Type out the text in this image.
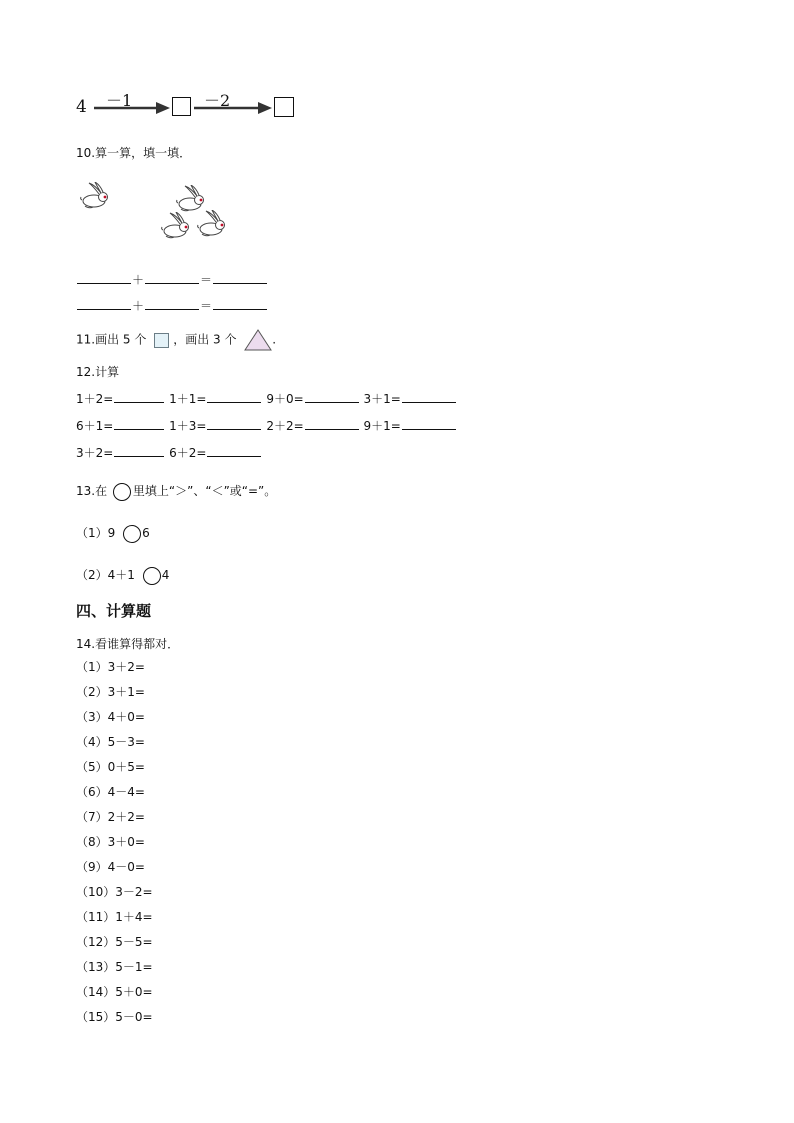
4 －1	－2
10.算一算，填一填．
＋	＝
＋	＝
11.画出 5 个 ，画出 3 个	.
12.计算
1＋2=	1＋1=	9＋0=	3＋1=
6＋1=	1＋3=	2＋2=	9＋1=
3＋2=	6＋2=
13.在 里填上“＞”、“＜”或“=”。
（1）9 6
（2）4＋1 4
四、计算题
14.看谁算得都对．
（1）3＋2=
（2）3＋1=
（3）4＋0=
（4）5－3=
（5）0＋5=
（6）4－4=
（7）2＋2=
（8）3＋0=
（9）4－0=
（10）3－2=
（11）1＋4=
（12）5－5=
（13）5－1=
（14）5＋0=
（15）5－0=
